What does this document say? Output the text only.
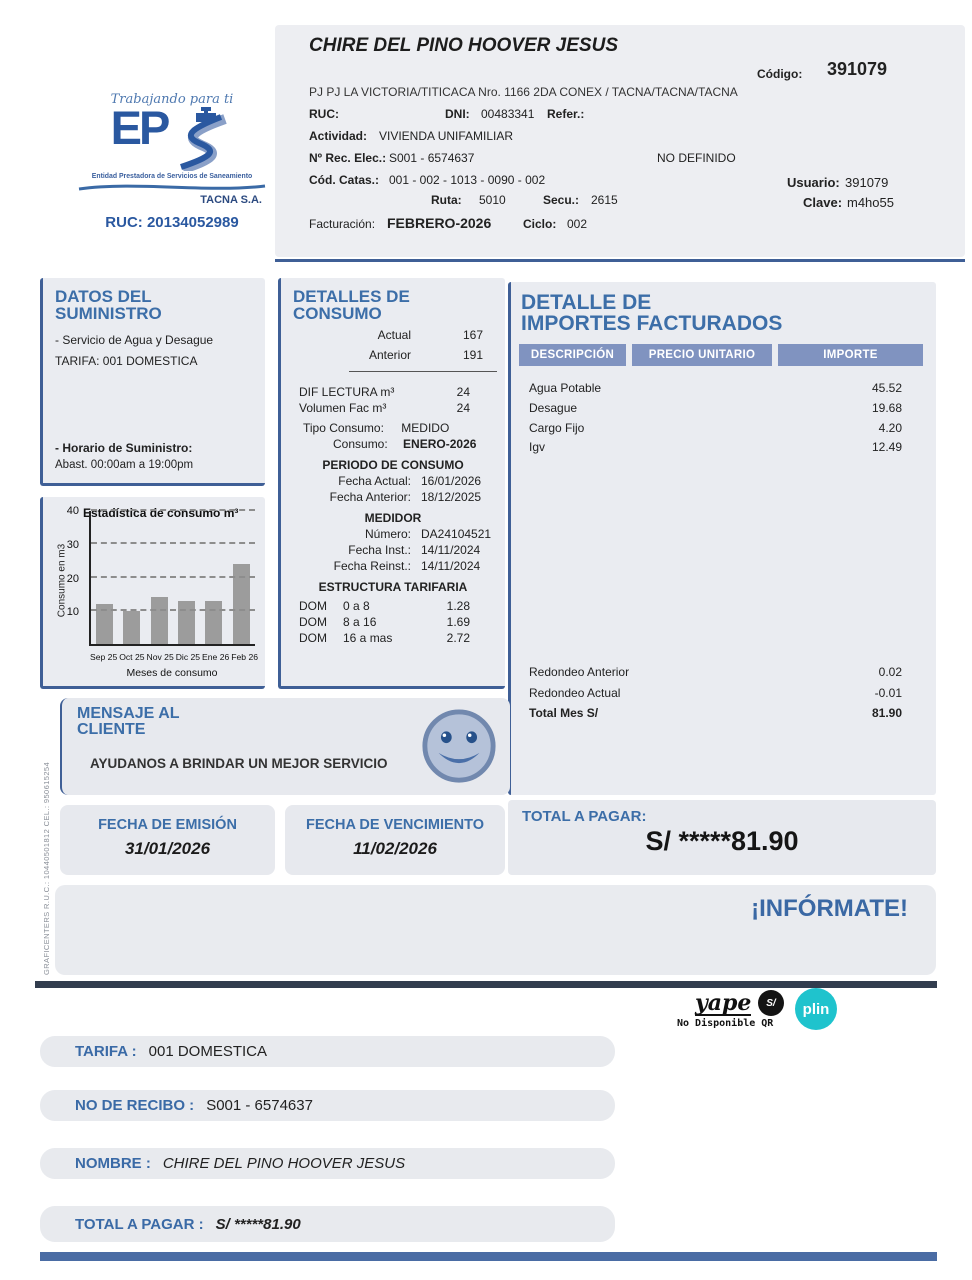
CHIRE DEL PINO HOOVER JESUS
Código: 391079
PJ PJ LA VICTORIA/TITICACA Nro. 1166 2DA CONEX / TACNA/TACNA/TACNA
RUC:	DNI: 00483341 Refer.:
Actividad: VIVIENDA UNIFAMILIAR
Nº Rec. Elec.: S001 - 6574637	NO DEFINIDO
Cód. Catas.: 001 - 002 - 1013 - 0090 - 002
Ruta: 5010	Secu.: 2615
Usuario: 391079
Clave: m4ho55
Facturación: FEBRERO-2026	Ciclo: 002
Trabajando para ti
EP
Entidad Prestadora de Servicios de Saneamiento
TACNA S.A.
RUC: 20134052989
DATOS DEL
SUMINISTRO
- Servicio de Agua y Desague
TARIFA: 001 DOMESTICA
- Horario de Suministro:
Abast. 00:00am a 19:00pm
Estadística de consumo m³
Consumo en m3 10
20
30
40
Sep 25 Oct 25 Nov 25 Dic 25 Ene 26 Feb 26
Meses de consumo
DETALLES DE
CONSUMO
Actual	167
Anterior	191
DIF LECTURA m³	24
Volumen Fac m³	24
Tipo Consumo: MEDIDO
Consumo: ENERO-2026
PERIODO DE CONSUMO
Fecha Actual: 16/01/2026
Fecha Anterior: 18/12/2025
MEDIDOR
Número: DA24104521
Fecha Inst.: 14/11/2024
Fecha Reinst.: 14/11/2024
ESTRUCTURA TARIFARIA
DOM	0 a 8	1.28
DOM	8 a 16	1.69
DOM	16 a mas	2.72
DETALLE DE
IMPORTES FACTURADOS
DESCRIPCIÓN	PRECIO UNITARIO	IMPORTE
Agua Potable	45.52
Desague	19.68
Cargo Fijo	4.20
Igv	12.49
Redondeo Anterior	0.02
Redondeo Actual	-0.01
Total Mes S/	81.90
MENSAJE AL
CLIENTE
AYUDANOS A BRINDAR UN MEJOR SERVICIO
FECHA DE EMISIÓN
31/01/2026
FECHA DE VENCIMIENTO
11/02/2026
TOTAL A PAGAR:
S/ *****81.90
¡INFÓRMATE!
yape	S/	plin
No Disponible QR
TARIFA : 001 DOMESTICA
NO DE RECIBO : S001 - 6574637
NOMBRE : CHIRE DEL PINO HOOVER JESUS
TOTAL A PAGAR : S/ *****81.90
GRAFICENTERS R.U.C.: 10440501812 CEL.: 950615254
